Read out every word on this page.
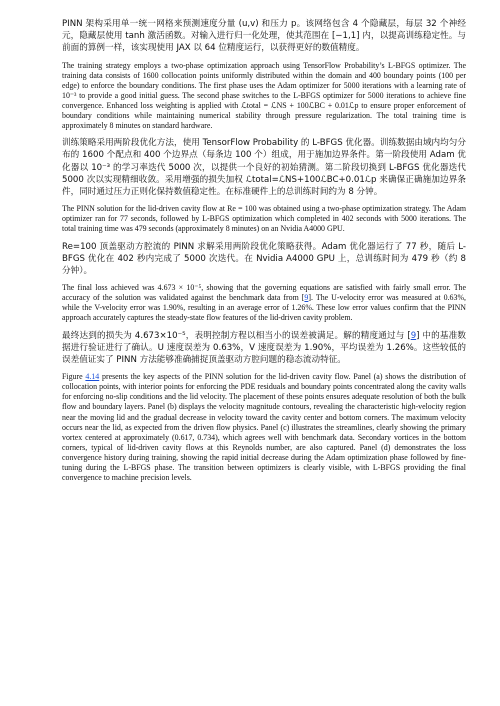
PINN 架构采用单一统一网格来预测速度分量 (u,v) 和压力 p。该网络包含 4 个隐藏层，每层 32 个神经元，隐藏层使用 tanh 激活函数。对输入进行归一化处理，使其范围在 [−1,1] 内，以提高训练稳定性。与前面的算例一样，该实现使用 JAX 以 64 位精度运行，以获得更好的数值精度。

The training strategy employs a two-phase optimization approach using TensorFlow Probability’s L-BFGS optimizer. The training data consists of 1600 collocation points uniformly distributed within the domain and 400 boundary points (100 per edge) to enforce the boundary conditions. The first phase uses the Adam optimizer for 5000 iterations with a learning rate of 10⁻³ to provide a good initial guess. The second phase switches to the L-BFGS optimizer for 5000 iterations to achieve fine convergence. Enhanced loss weighting is applied with ℒtotal = ℒNS + 100ℒBC + 0.01ℒp to ensure proper enforcement of boundary conditions while maintaining numerical stability through pressure regularization. The total training time is approximately 8 minutes on standard hardware.

训练策略采用两阶段优化方法，使用 TensorFlow Probability 的 L-BFGS 优化器。训练数据由域内均匀分布的 1600 个配点和 400 个边界点（每条边 100 个）组成，用于施加边界条件。第一阶段使用 Adam 优化器以 10⁻³ 的学习率迭代 5000 次，以提供一个良好的初始猜测。第二阶段切换到 L-BFGS 优化器迭代 5000 次以实现精细收敛。采用增强的损失加权 ℒtotal=ℒNS+100ℒBC+0.01ℒp 来确保正确施加边界条件，同时通过压力正则化保持数值稳定性。在标准硬件上的总训练时间约为 8 分钟。

The PINN solution for the lid-driven cavity flow at Re = 100 was obtained using a two-phase optimization strategy. The Adam optimizer ran for 77 seconds, followed by L-BFGS optimization which completed in 402 seconds with 5000 iterations. The total training time was 479 seconds (approximately 8 minutes) on an Nvidia A4000 GPU.

Re=100 顶盖驱动方腔流的 PINN 求解采用两阶段优化策略获得。Adam 优化器运行了 77 秒，随后 L-BFGS 优化在 402 秒内完成了 5000 次迭代。在 Nvidia A4000 GPU 上，总训练时间为 479 秒（约 8 分钟）。

The final loss achieved was 4.673 × 10⁻⁵, showing that the governing equations are satisfied with fairly small error. The accuracy of the solution was validated against the benchmark data from [9]. The U-velocity error was measured at 0.63%, while the V-velocity error was 1.90%, resulting in an average error of 1.26%. These low error values confirm that the PINN approach accurately captures the steady-state flow features of the lid-driven cavity problem.

最终达到的损失为 4.673×10⁻⁵，表明控制方程以相当小的误差被满足。解的精度通过与 [9] 中的基准数据进行验证进行了确认。U 速度误差为 0.63%，V 速度误差为 1.90%，平均误差为 1.26%。这些较低的误差值证实了 PINN 方法能够准确捕捉顶盖驱动方腔问题的稳态流动特征。

Figure 4.14 presents the key aspects of the PINN solution for the lid-driven cavity flow. Panel (a) shows the distribution of collocation points, with interior points for enforcing the PDE residuals and boundary points concentrated along the cavity walls for enforcing no-slip conditions and the lid velocity. The placement of these points ensures adequate resolution of both the bulk flow and boundary layers. Panel (b) displays the velocity magnitude contours, revealing the characteristic high-velocity region near the moving lid and the gradual decrease in velocity toward the cavity center and bottom corners. The maximum velocity occurs near the lid, as expected from the driven flow physics. Panel (c) illustrates the streamlines, clearly showing the primary vortex centered at approximately (0.617, 0.734), which agrees well with benchmark data. Secondary vortices in the bottom corners, typical of lid-driven cavity flows at this Reynolds number, are also captured. Panel (d) demonstrates the loss convergence history during training, showing the rapid initial decrease during the Adam optimization phase followed by fine-tuning during the L-BFGS phase. The transition between optimizers is clearly visible, with L-BFGS providing the final convergence to machine precision levels.
